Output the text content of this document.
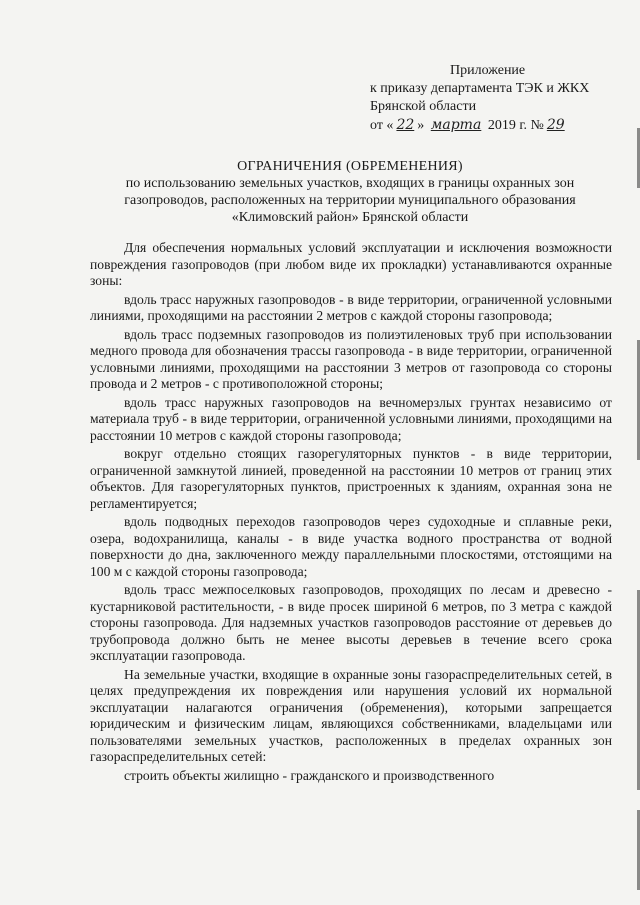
Приложение
к приказу департамента ТЭК и ЖКХ
Брянской области
от « 22 » марта 2019 г. № 29
ОГРАНИЧЕНИЯ (ОБРЕМЕНЕНИЯ)
по использованию земельных участков, входящих в границы охранных зон
газопроводов, расположенных на территории муниципального образования
«Климовский район» Брянской области

Для обеспечения нормальных условий эксплуатации и исключения возможности повреждения газопроводов (при любом виде их прокладки) устанавливаются охранные зоны:

вдоль трасс наружных газопроводов - в виде территории, ограниченной условными линиями, проходящими на расстоянии 2 метров с каждой стороны газопровода;

вдоль трасс подземных газопроводов из полиэтиленовых труб при использовании медного провода для обозначения трассы газопровода - в виде территории, ограниченной условными линиями, проходящими на расстоянии 3 метров от газопровода со стороны провода и 2 метров - с противоположной стороны;

вдоль трасс наружных газопроводов на вечномерзлых грунтах независимо от материала труб - в виде территории, ограниченной условными линиями, проходящими на расстоянии 10 метров с каждой стороны газопровода;

вокруг отдельно стоящих газорегуляторных пунктов - в виде территории, ограниченной замкнутой линией, проведенной на расстоянии 10 метров от границ этих объектов. Для газорегуляторных пунктов, пристроенных к зданиям, охранная зона не регламентируется;

вдоль подводных переходов газопроводов через судоходные и сплавные реки, озера, водохранилища, каналы - в виде участка водного пространства от водной поверхности до дна, заключенного между параллельными плоскостями, отстоящими на 100 м с каждой стороны газопровода;

вдоль трасс межпоселковых газопроводов, проходящих по лесам и древесно - кустарниковой растительности, - в виде просек шириной 6 метров, по 3 метра с каждой стороны газопровода. Для надземных участков газопроводов расстояние от деревьев до трубопровода должно быть не менее высоты деревьев в течение всего срока эксплуатации газопровода.

На земельные участки, входящие в охранные зоны газораспределительных сетей, в целях предупреждения их повреждения или нарушения условий их нормальной эксплуатации налагаются ограничения (обременения), которыми запрещается юридическим и физическим лицам, являющихся собственниками, владельцами или пользователями земельных участков, расположенных в пределах охранных зон газораспределительных сетей:

строить объекты жилищно - гражданского и производственного
